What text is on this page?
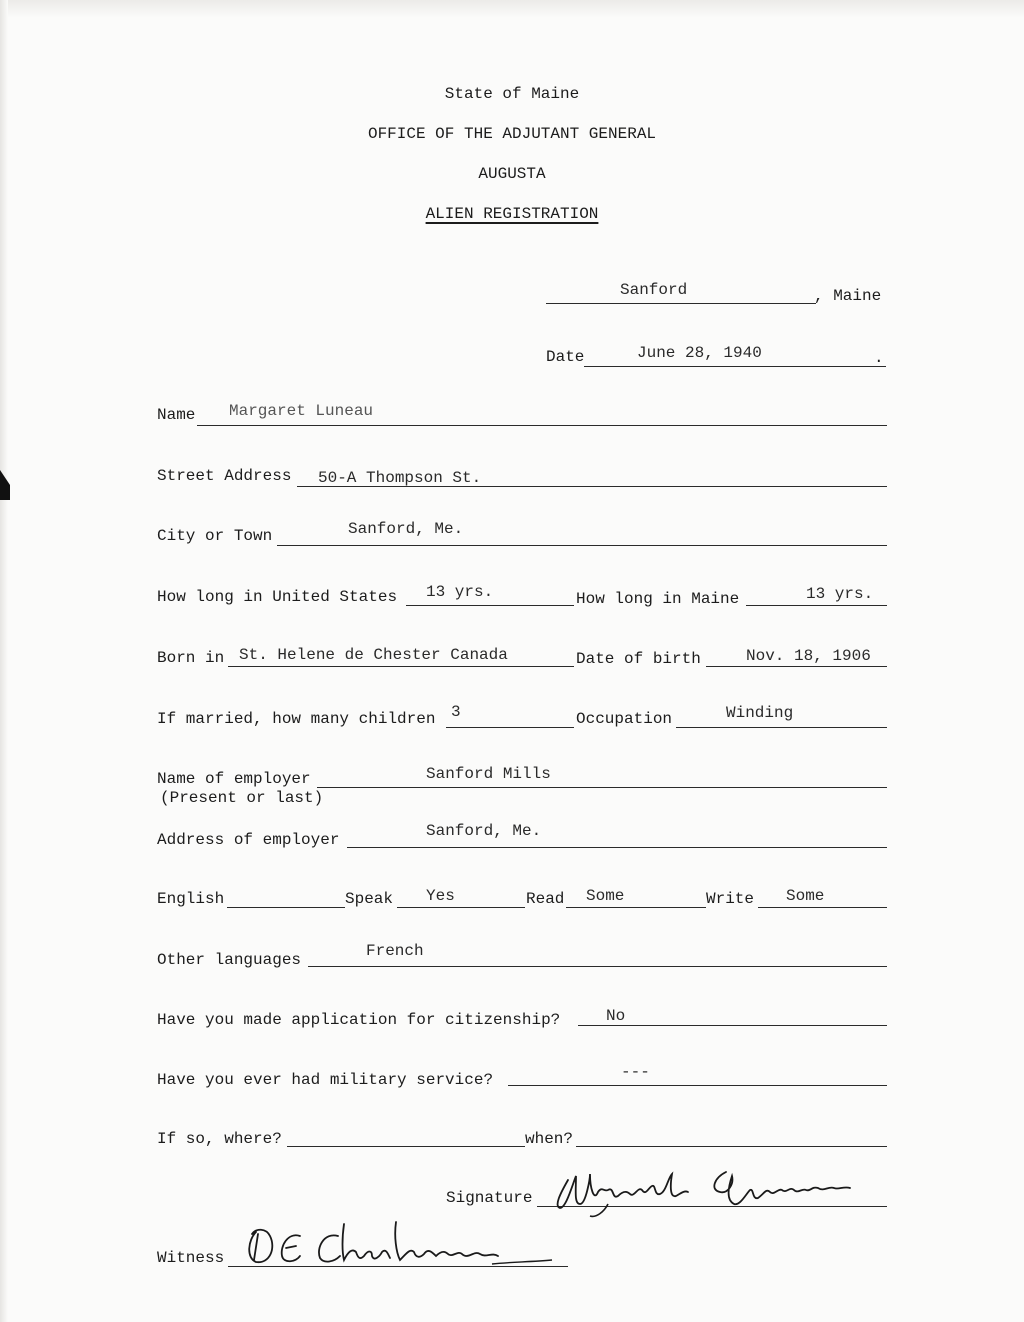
State of Maine
OFFICE OF THE ADJUTANT GENERAL
AUGUSTA
ALIEN REGISTRATION
Sanford	, Maine
Date	June 28, 1940	.
Name Margaret Luneau
Street Address 50-A Thompson St.
City or Town	Sanford, Me.
How long in United States 13 yrs.	How long in Maine	13 yrs.
Born in St. Helene de Chester Canada	Date of birth	Nov. 18, 1906
If married, how many children 3	Occupation	Winding
Name of employer
(Present or last)
Sanford Mills
Address of employer	Sanford, Me.
English	Speak Yes	Read Some	Write Some
Other languages	French
Have you made application for citizenship?	No
Have you ever had military service?	---
If so, where?	when?
Signature
Witness
